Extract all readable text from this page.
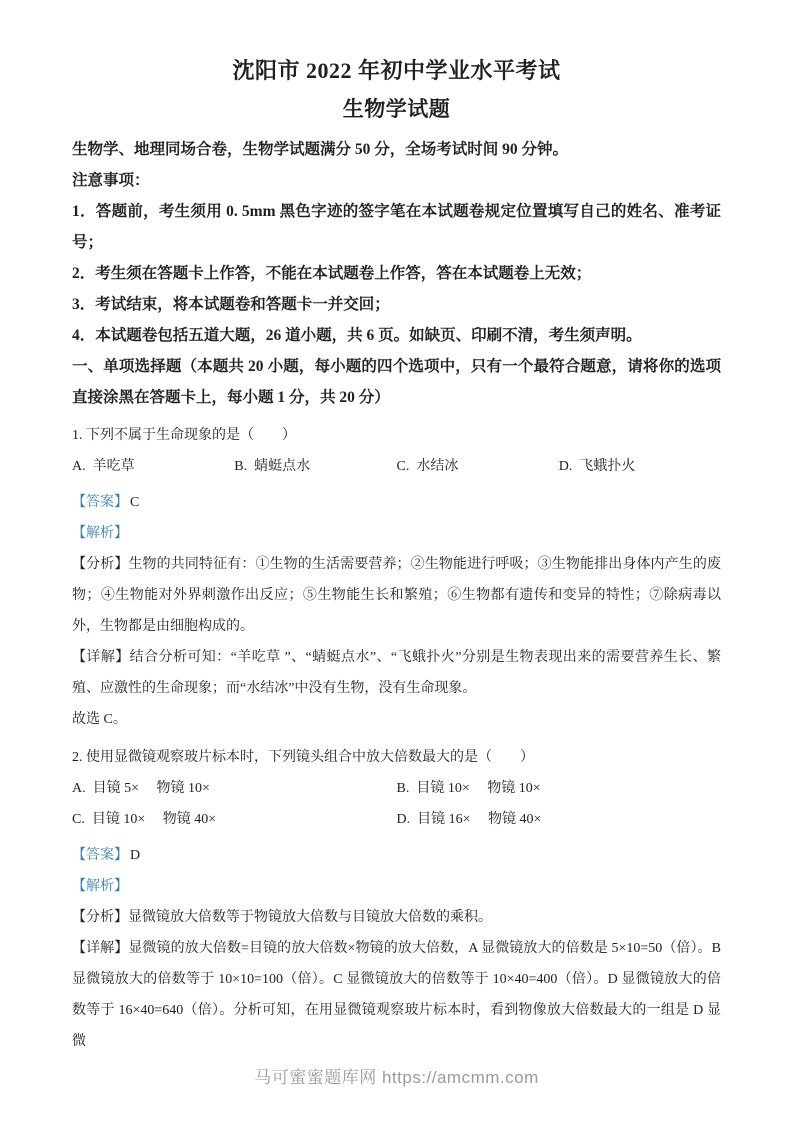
沈阳市 2022 年初中学业水平考试
生物学试题

生物学、地理同场合卷，生物学试题满分 50 分，全场考试时间 90 分钟。

注意事项：

1．答题前，考生须用 0. 5mm 黑色字迹的签字笔在本试题卷规定位置填写自己的姓名、准考证号；

2．考生须在答题卡上作答，不能在本试题卷上作答，答在本试题卷上无效；

3．考试结束，将本试题卷和答题卡一并交回；

4．本试题卷包括五道大题，26 道小题，共 6 页。如缺页、印刷不清，考生须声明。

一、单项选择题（本题共 20 小题，每小题的四个选项中，只有一个最符合题意，请将你的选项直接涂黑在答题卡上，每小题 1 分，共 20 分）

1. 下列不属于生命现象的是（　　）

A. 羊吃草	B. 蜻蜓点水	C. 水结冰	D. 飞蛾扑火

【答案】 C

【解析】

【分析】生物的共同特征有：①生物的生活需要营养；②生物能进行呼吸；③生物能排出身体内产生的废物；④生物能对外界刺激作出反应；⑤生物能生长和繁殖；⑥生物都有遗传和变异的特性；⑦除病毒以外，生物都是由细胞构成的。

【详解】结合分析可知：“羊吃草 ”、“蜻蜓点水”、“飞蛾扑火”分别是生物表现出来的需要营养生长、繁殖、应激性的生命现象；而“水结冰”中没有生物，没有生命现象。

故选 C。

2. 使用显微镜观察玻片标本时，下列镜头组合中放大倍数最大的是（　　）

A. 目镜 5×　 物镜 10×	B. 目镜 10×　 物镜 10×
C. 目镜 10×　 物镜 40×	D. 目镜 16×　 物镜 40×

【答案】 D

【解析】

【分析】显微镜放大倍数等于物镜放大倍数与目镜放大倍数的乘积。

【详解】显微镜的放大倍数=目镜的放大倍数×物镜的放大倍数，A 显微镜放大的倍数是 5×10=50（倍）。B 显微镜放大的倍数等于 10×10=100（倍）。C 显微镜放大的倍数等于 10×40=400（倍）。D 显微镜放大的倍数等于 16×40=640（倍）。分析可知，在用显微镜观察玻片标本时，看到物像放大倍数最大的一组是 D 显微

马可蜜蜜题库网 https://amcmm.com
